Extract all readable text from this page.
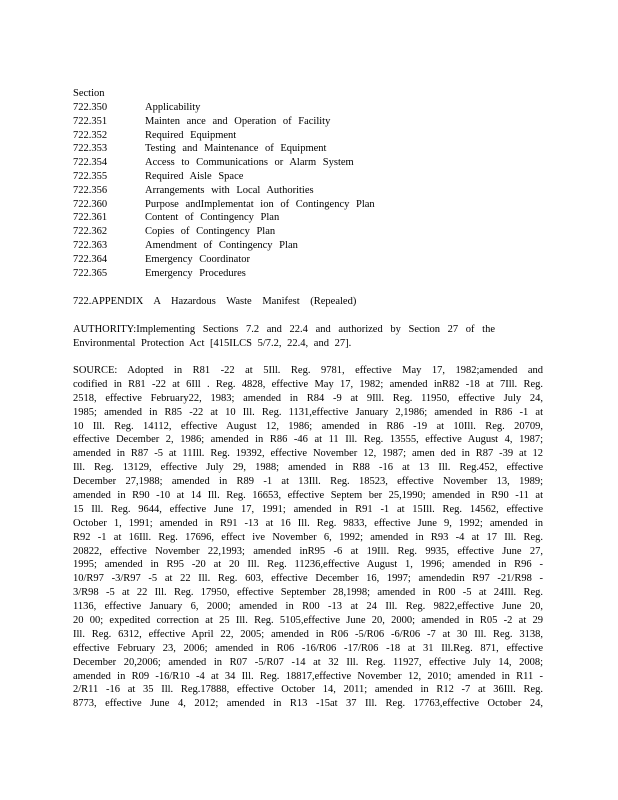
Section
722.350	Applicability
722.351	Mainten ance and Operation of Facility
722.352	Required Equipment
722.353	Testing and Maintenance of Equipment
722.354	Access to Communications or Alarm System
722.355	Required Aisle Space
722.356	Arrangements with Local Authorities
722.360	Purpose andImplementat ion of Contingency Plan
722.361	Content of Contingency Plan
722.362	Copies of Contingency Plan
722.363	Amendment of Contingency Plan
722.364	Emergency Coordinator
722.365	Emergency Procedures
722.APPENDIX A Hazardous Waste Manifest (Repealed)
AUTHORITY:Implementing Sections 7.2 and 22.4 and authorized by Section 27 of the Environmental Protection Act [415ILCS 5/7.2, 22.4, and 27].
SOURCE: Adopted in R81 -22 at 5Ill. Reg. 9781, effective May 17, 1982;amended and
codified in R81 -22 at 6Ill . Reg. 4828, effective May 17, 1982; amended inR82 -18 at 7Ill. Reg.
2518, effective February22, 1983; amended in R84 -9 at 9Ill. Reg. 11950, effective July 24,
1985; amended in R85 -22 at 10 Ill. Reg. 1131,effective January 2,1986; amended in R86 -1 at
10 Ill. Reg. 14112, effective August 12, 1986; amended in R86 -19 at 10Ill. Reg. 20709,
effective December 2, 1986; amended in R86 -46 at 11 Ill. Reg. 13555, effective August 4, 1987;
amended in R87 -5 at 11Ill. Reg. 19392, effective November 12, 1987; amen ded in R87 -39 at 12
Ill. Reg. 13129, effective July 29, 1988; amended in R88 -16 at 13 Ill. Reg.452, effective
December 27,1988; amended in R89 -1 at 13Ill. Reg. 18523, effective November 13, 1989;
amended in R90 -10 at 14 Ill. Reg. 16653, effective Septem ber 25,1990; amended in R90 -11 at
15 Ill. Reg. 9644, effective June 17, 1991; amended in R91 -1 at 15Ill. Reg. 14562, effective
October 1, 1991; amended in R91 -13 at 16 Ill. Reg. 9833, effective June 9, 1992; amended in
R92 -1 at 16Ill. Reg. 17696, effect ive November 6, 1992; amended in R93 -4 at 17 Ill. Reg.
20822, effective November 22,1993; amended inR95 -6 at 19Ill. Reg. 9935, effective June 27,
1995; amended in R95 -20 at 20 Ill. Reg. 11236,effective August 1, 1996; amended in R96 -
10/R97 -3/R97 -5 at 22 Ill. Reg. 603, effective December 16, 1997; amendedin R97 -21/R98 -
3/R98 -5 at 22 Ill. Reg. 17950, effective September 28,1998; amended in R00 -5 at 24Ill. Reg.
1136, effective January 6, 2000; amended in R00 -13 at 24 Ill. Reg. 9822,effective June 20,
20 00; expedited correction at 25 Ill. Reg. 5105,effective June 20, 2000; amended in R05 -2 at 29
Ill. Reg. 6312, effective April 22, 2005; amended in R06 -5/R06 -6/R06 -7 at 30 Ill. Reg. 3138,
effective February 23, 2006; amended in R06 -16/R06 -17/R06 -18 at 31 Ill.Reg. 871, effective
December 20,2006; amended in R07 -5/R07 -14 at 32 Ill. Reg. 11927, effective July 14, 2008;
amended in R09 -16/R10 -4 at 34 Ill. Reg. 18817,effective November 12, 2010; amended in R11 -
2/R11 -16 at 35 Ill. Reg.17888, effective October 14, 2011; amended in R12 -7 at 36Ill. Reg.
8773, effective June 4, 2012; amended in R13 -15at 37 Ill. Reg. 17763,effective October 24,
